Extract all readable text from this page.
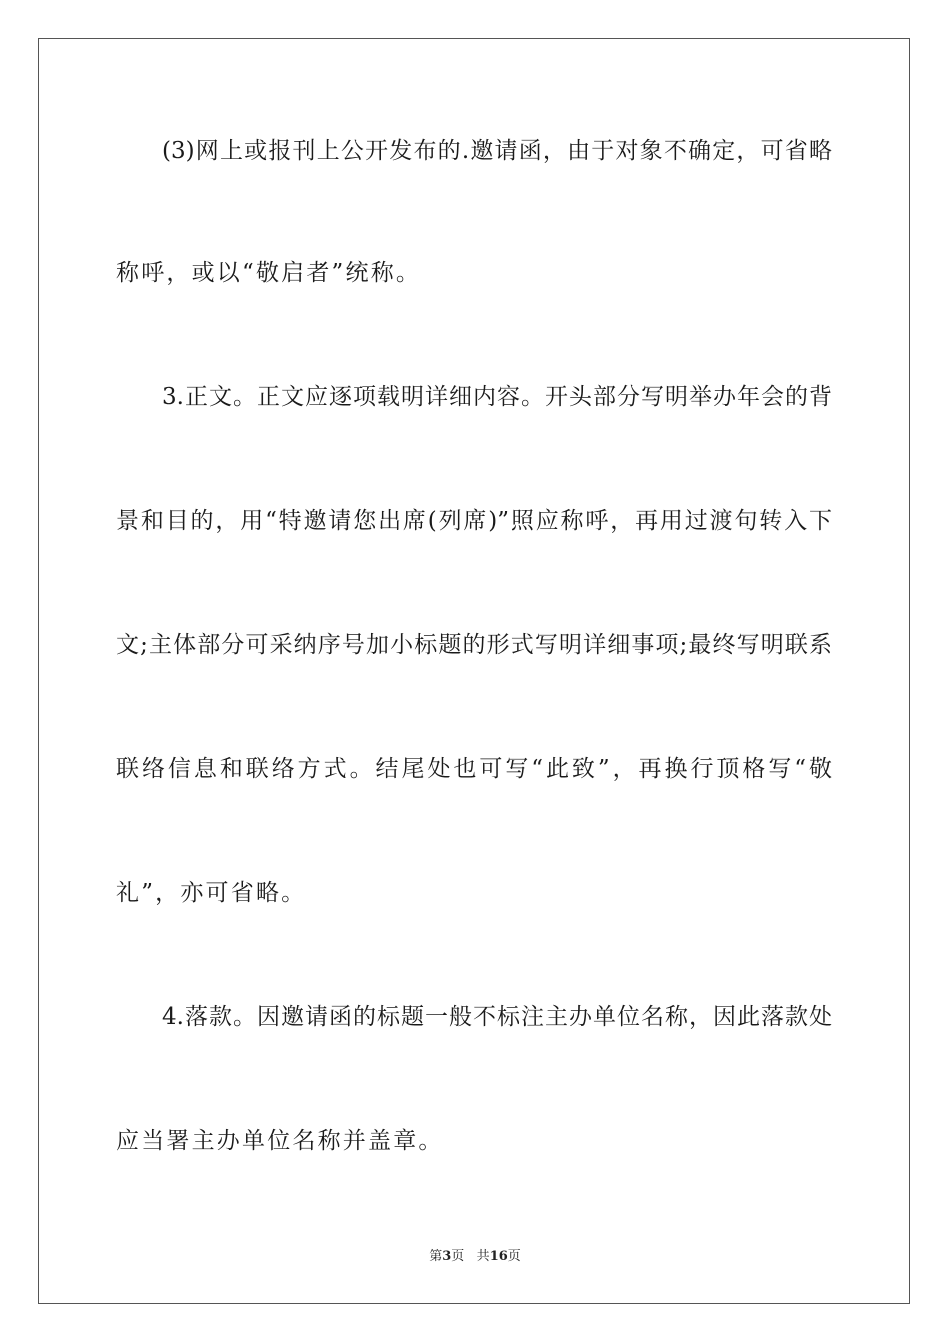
(3)网上或报刊上公开发布的.邀请函，由于对象不确定，可省略
称呼，或以“敬启者”统称。
3.正文。正文应逐项载明详细内容。开头部分写明举办年会的背
景和目的，用“特邀请您出席(列席)”照应称呼，再用过渡句转入下
文;主体部分可采纳序号加小标题的形式写明详细事项;最终写明联系
联络信息和联络方式。结尾处也可写“此致”，再换行顶格写“敬
礼”，亦可省略。
4.落款。因邀请函的标题一般不标注主办单位名称，因此落款处
应当署主办单位名称并盖章。
第3页 共16页
